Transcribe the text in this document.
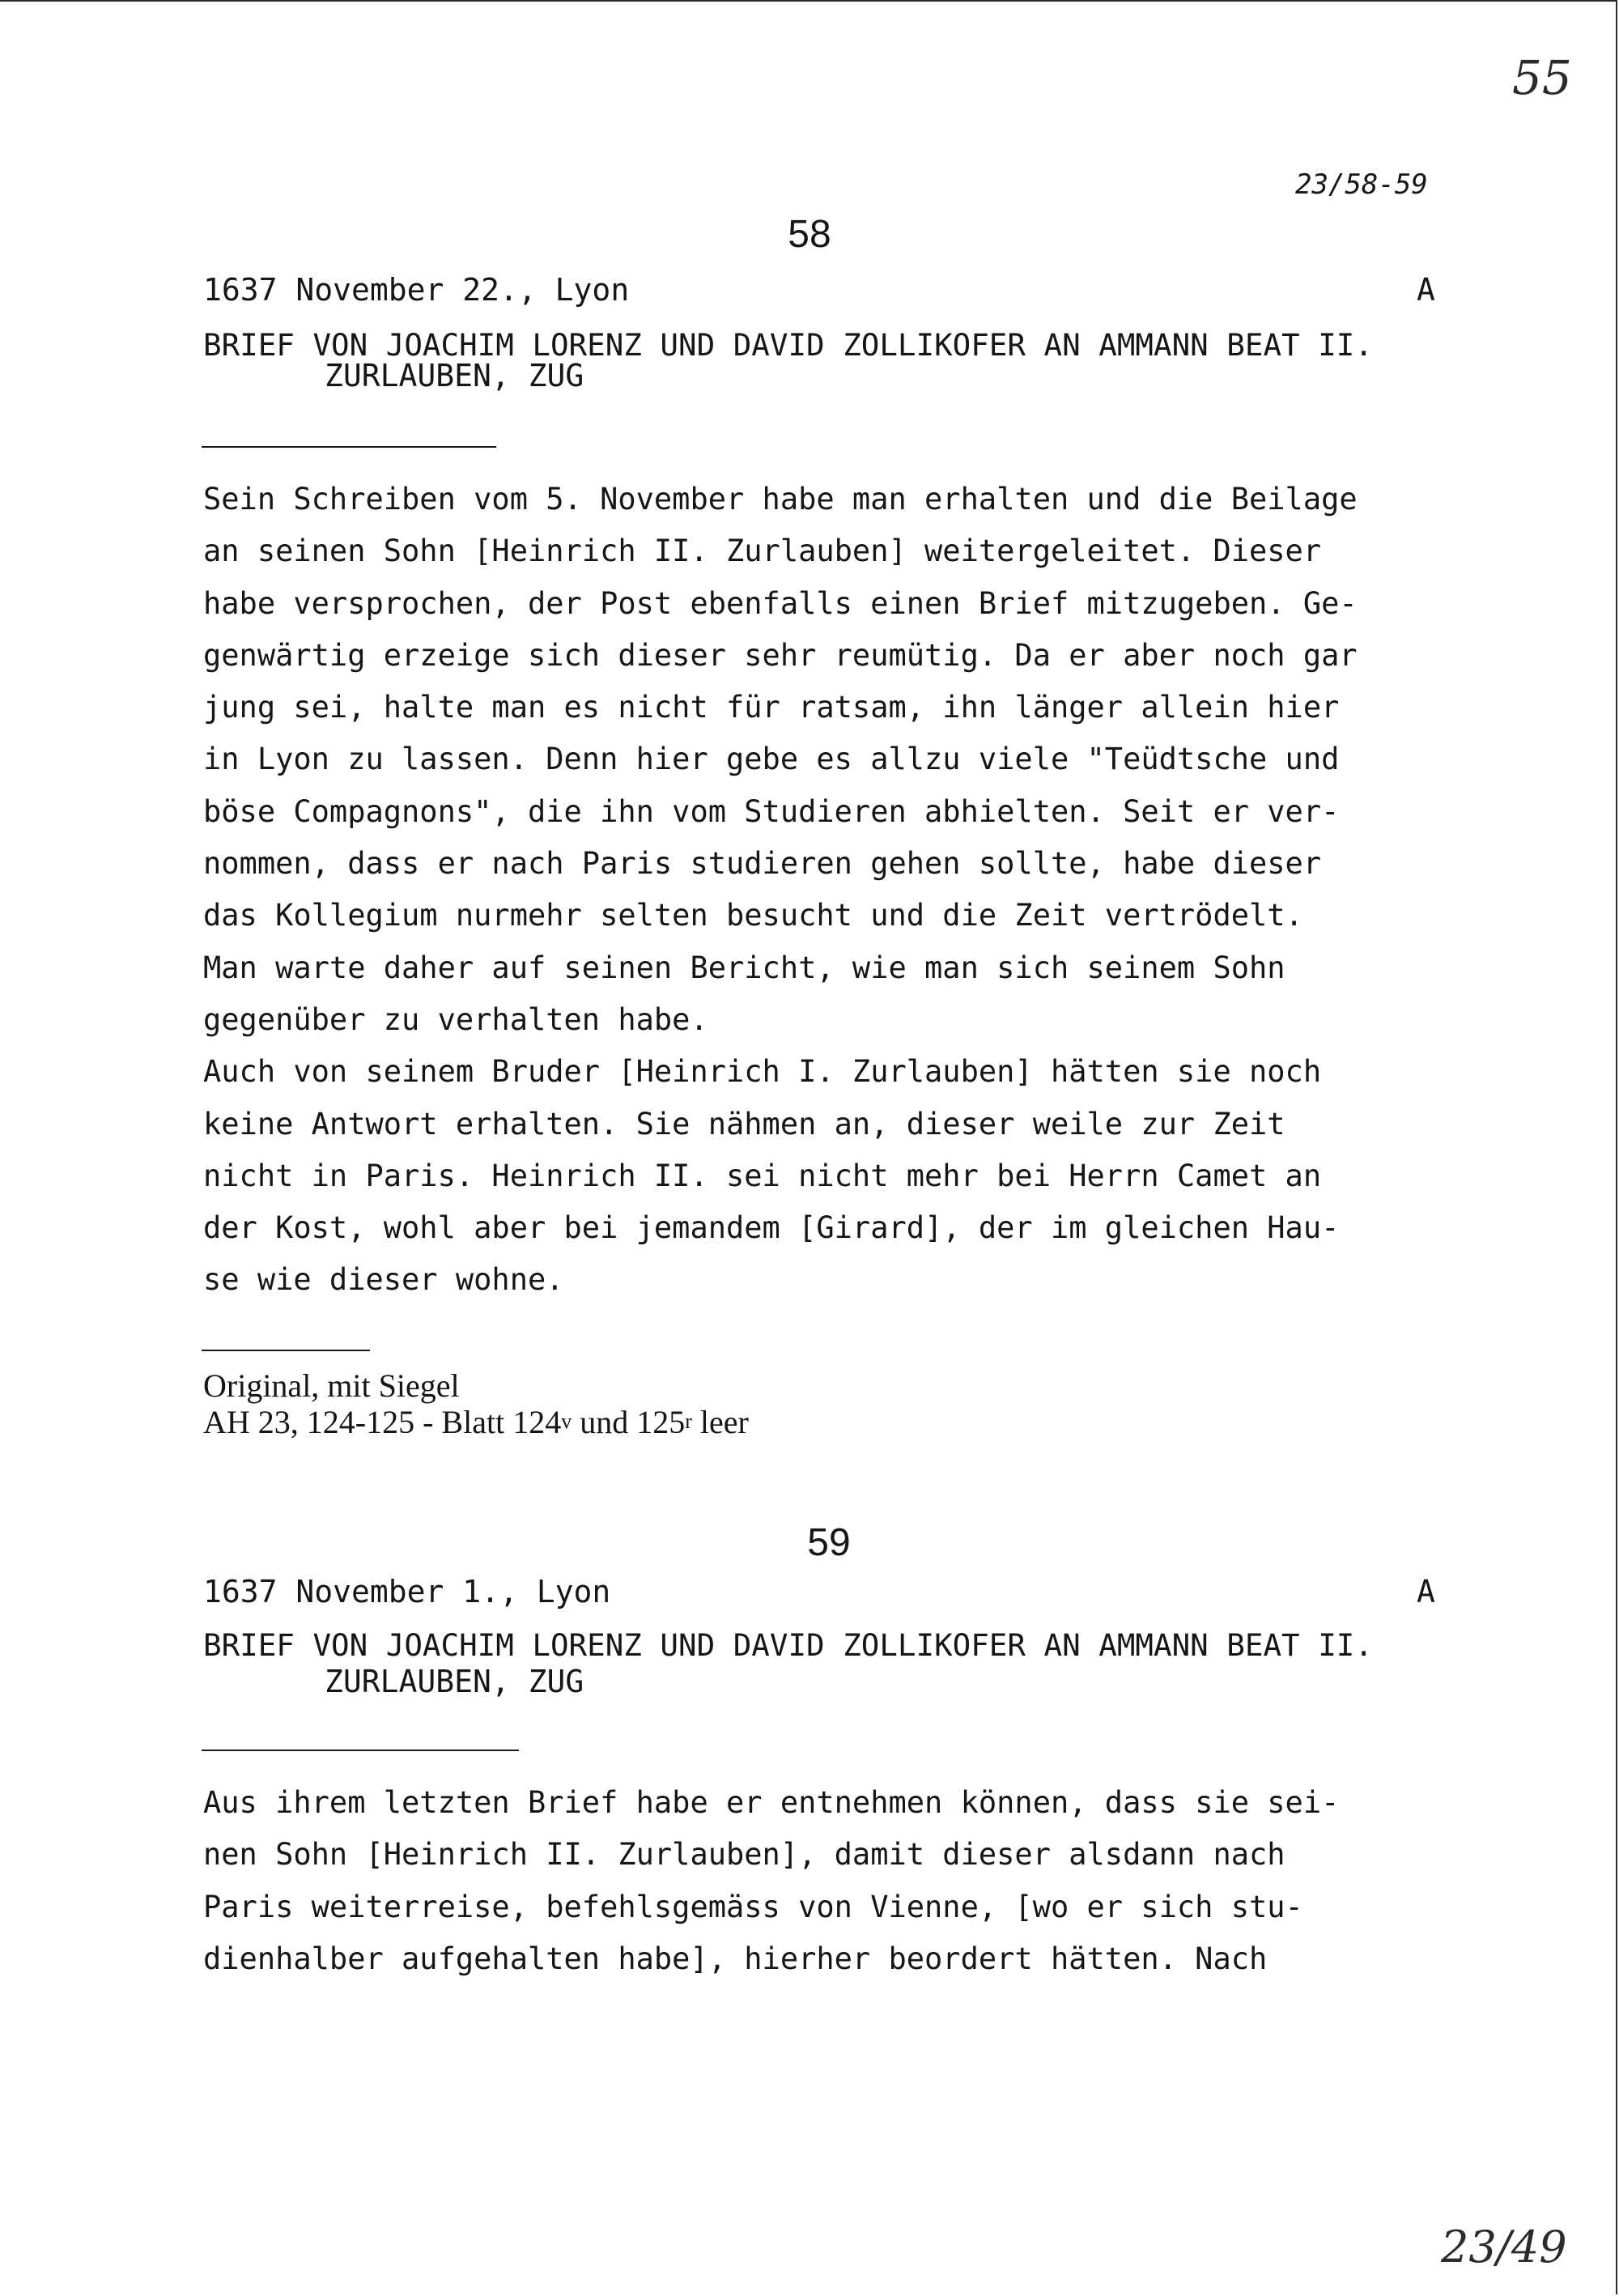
55
23/58-59
58
1637 November 22., Lyon	A
BRIEF VON JOACHIM LORENZ UND DAVID ZOLLIKOFER AN AMMANN BEAT II.
ZURLAUBEN, ZUG
Sein Schreiben vom 5. November habe man erhalten und die Beilage
an seinen Sohn [Heinrich II. Zurlauben] weitergeleitet. Dieser
habe versprochen, der Post ebenfalls einen Brief mitzugeben. Ge-
genwärtig erzeige sich dieser sehr reumütig. Da er aber noch gar
jung sei, halte man es nicht für ratsam, ihn länger allein hier
in Lyon zu lassen. Denn hier gebe es allzu viele "Teüdtsche und
böse Compagnons", die ihn vom Studieren abhielten. Seit er ver-
nommen, dass er nach Paris studieren gehen sollte, habe dieser
das Kollegium nurmehr selten besucht und die Zeit vertrödelt.
Man warte daher auf seinen Bericht, wie man sich seinem Sohn
gegenüber zu verhalten habe.
Auch von seinem Bruder [Heinrich I. Zurlauben] hätten sie noch
keine Antwort erhalten. Sie nähmen an, dieser weile zur Zeit
nicht in Paris. Heinrich II. sei nicht mehr bei Herrn Camet an
der Kost, wohl aber bei jemandem [Girard], der im gleichen Hau-
se wie dieser wohne.
Original, mit Siegel
AH 23, 124-125 - Blatt 124$^v$ und 125$^r$ leer
59
1637 November 1., Lyon	A
BRIEF VON JOACHIM LORENZ UND DAVID ZOLLIKOFER AN AMMANN BEAT II.
ZURLAUBEN, ZUG
Aus ihrem letzten Brief habe er entnehmen können, dass sie sei-
nen Sohn [Heinrich II. Zurlauben], damit dieser alsdann nach
Paris weiterreise, befehlsgemäss von Vienne, [wo er sich stu-
dienhalber aufgehalten habe], hierher beordert hätten. Nach
23/49
